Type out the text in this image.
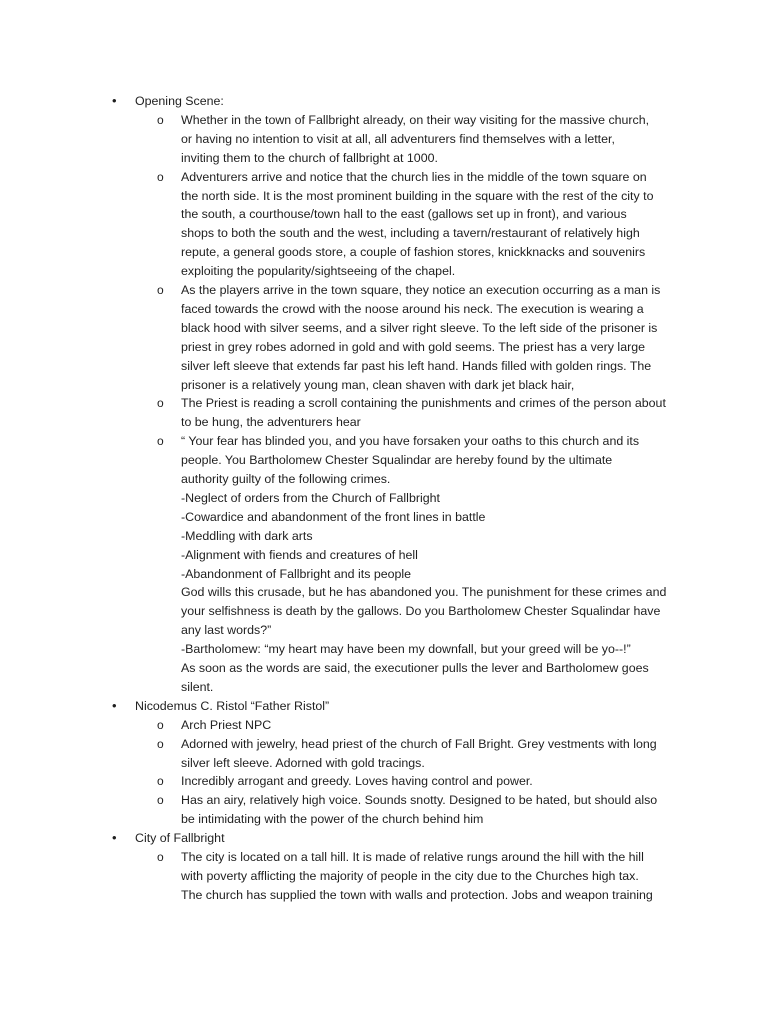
• Opening Scene:
o Whether in the town of Fallbright already, on their way visiting for the massive church,
or having no intention to visit at all, all adventurers find themselves with a letter,
inviting them to the church of fallbright at 1000.
o Adventurers arrive and notice that the church lies in the middle of the town square on
the north side. It is the most prominent building in the square with the rest of the city to
the south, a courthouse/town hall to the east (gallows set up in front), and various
shops to both the south and the west, including a tavern/restaurant of relatively high
repute, a general goods store, a couple of fashion stores, knickknacks and souvenirs
exploiting the popularity/sightseeing of the chapel.
o As the players arrive in the town square, they notice an execution occurring as a man is
faced towards the crowd with the noose around his neck. The execution is wearing a
black hood with silver seems, and a silver right sleeve. To the left side of the prisoner is
priest in grey robes adorned in gold and with gold seems. The priest has a very large
silver left sleeve that extends far past his left hand. Hands filled with golden rings. The
prisoner is a relatively young man, clean shaven with dark jet black hair,
o The Priest is reading a scroll containing the punishments and crimes of the person about
to be hung, the adventurers hear
o “ Your fear has blinded you, and you have forsaken your oaths to this church and its
people. You Bartholomew Chester Squalindar are hereby found by the ultimate
authority guilty of the following crimes.
-Neglect of orders from the Church of Fallbright
-Cowardice and abandonment of the front lines in battle
-Meddling with dark arts
-Alignment with fiends and creatures of hell
-Abandonment of Fallbright and its people
God wills this crusade, but he has abandoned you. The punishment for these crimes and
your selfishness is death by the gallows. Do you Bartholomew Chester Squalindar have
any last words?”
-Bartholomew: “my heart may have been my downfall, but your greed will be yo--!”
As soon as the words are said, the executioner pulls the lever and Bartholomew goes
silent.
• Nicodemus C. Ristol “Father Ristol”
o Arch Priest NPC
o Adorned with jewelry, head priest of the church of Fall Bright. Grey vestments with long
silver left sleeve. Adorned with gold tracings.
o Incredibly arrogant and greedy. Loves having control and power.
o Has an airy, relatively high voice. Sounds snotty. Designed to be hated, but should also
be intimidating with the power of the church behind him
• City of Fallbright
o The city is located on a tall hill. It is made of relative rungs around the hill with the hill
with poverty afflicting the majority of people in the city due to the Churches high tax.
The church has supplied the town with walls and protection. Jobs and weapon training
